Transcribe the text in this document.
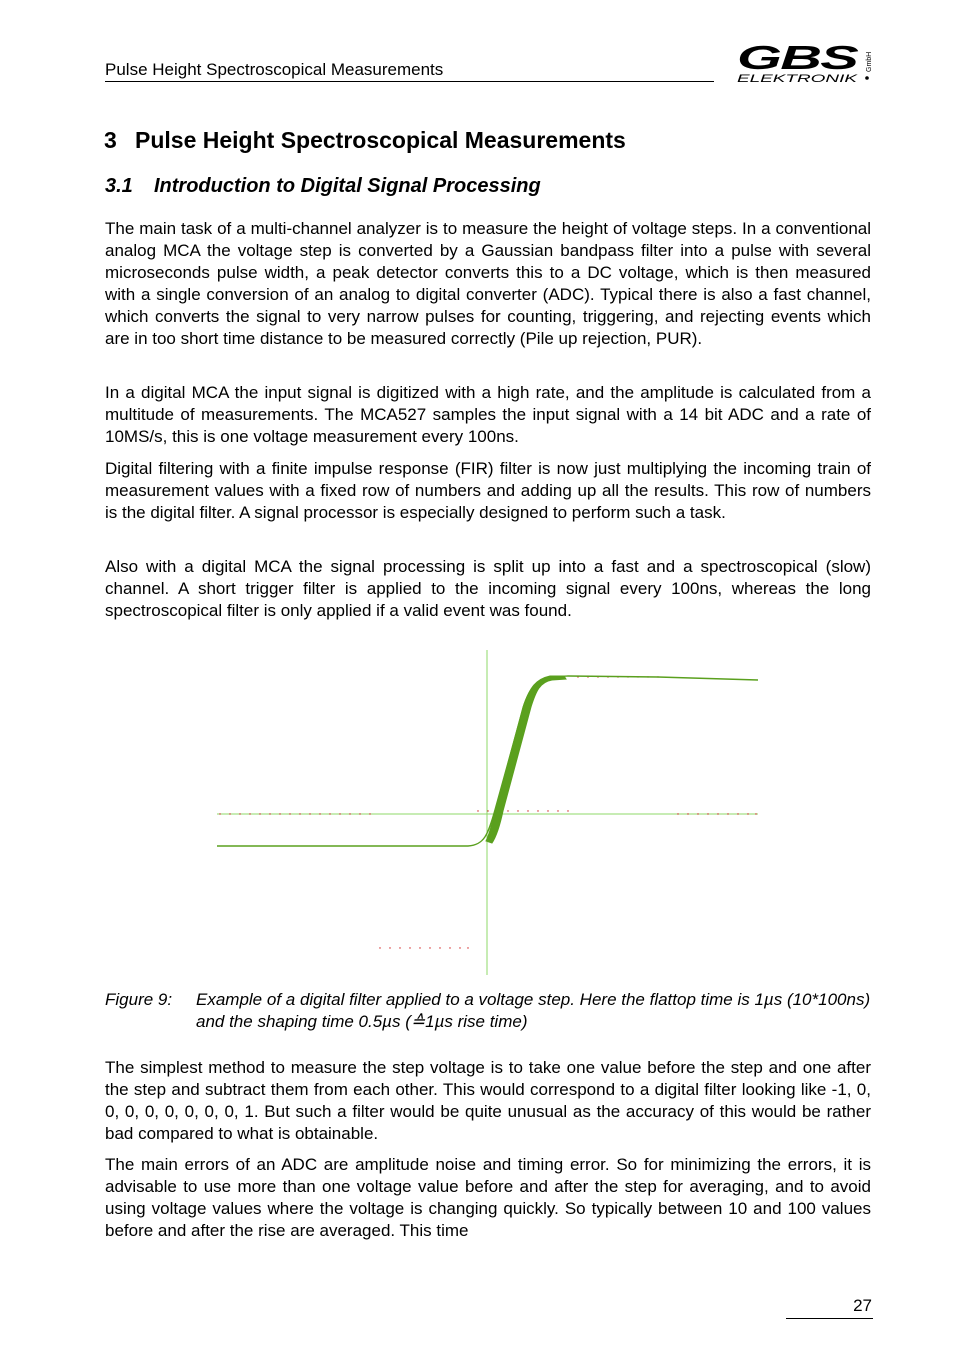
Pulse Height Spectroscopical Measurements	GBS
ELEKTRONIK
GmbH
3 Pulse Height Spectroscopical Measurements
3.1 Introduction to Digital Signal Processing

The main task of a multi-channel analyzer is to measure the height of voltage steps. In a conventional analog MCA the voltage step is converted by a Gaussian bandpass filter into a pulse with several microseconds pulse width, a peak detector converts this to a DC voltage, which is then measured with a single conversion of an analog to digital converter (ADC). Typical there is also a fast channel, which converts the signal to very narrow pulses for counting, triggering, and rejecting events which are in too short time distance to be measured correctly (Pile up rejection, PUR).

In a digital MCA the input signal is digitized with a high rate, and the amplitude is calculated from a multitude of measurements. The MCA527 samples the input signal with a 14 bit ADC and a rate of 10MS/s, this is one voltage measurement every 100ns.

Digital filtering with a finite impulse response (FIR) filter is now just multiplying the incoming train of measurement values with a fixed row of numbers and adding up all the results. This row of numbers is the digital filter. A signal processor is especially designed to perform such a task.

Also with a digital MCA the signal processing is split up into a fast and a spectroscopical (slow) channel. A short trigger filter is applied to the incoming signal every 100ns, whereas the long spectroscopical filter is only applied if a valid event was found.

Figure 9: Example of a digital filter applied to a voltage step. Here the flattop time is 1µs (10*100ns) and the shaping time 0.5µs (≙1µs rise time)

The simplest method to measure the step voltage is to take one value before the step and one after the step and subtract them from each other. This would correspond to a digital filter looking like -1, 0, 0, 0, 0, 0, 0, 0, 0, 1. But such a filter would be quite unusual as the accuracy of this would be rather bad compared to what is obtainable.

The main errors of an ADC are amplitude noise and timing error. So for minimizing the errors, it is advisable to use more than one voltage value before and after the step for averaging, and to avoid using voltage values where the voltage is changing quickly. So typically between 10 and 100 values before and after the rise are averaged. This time

27
